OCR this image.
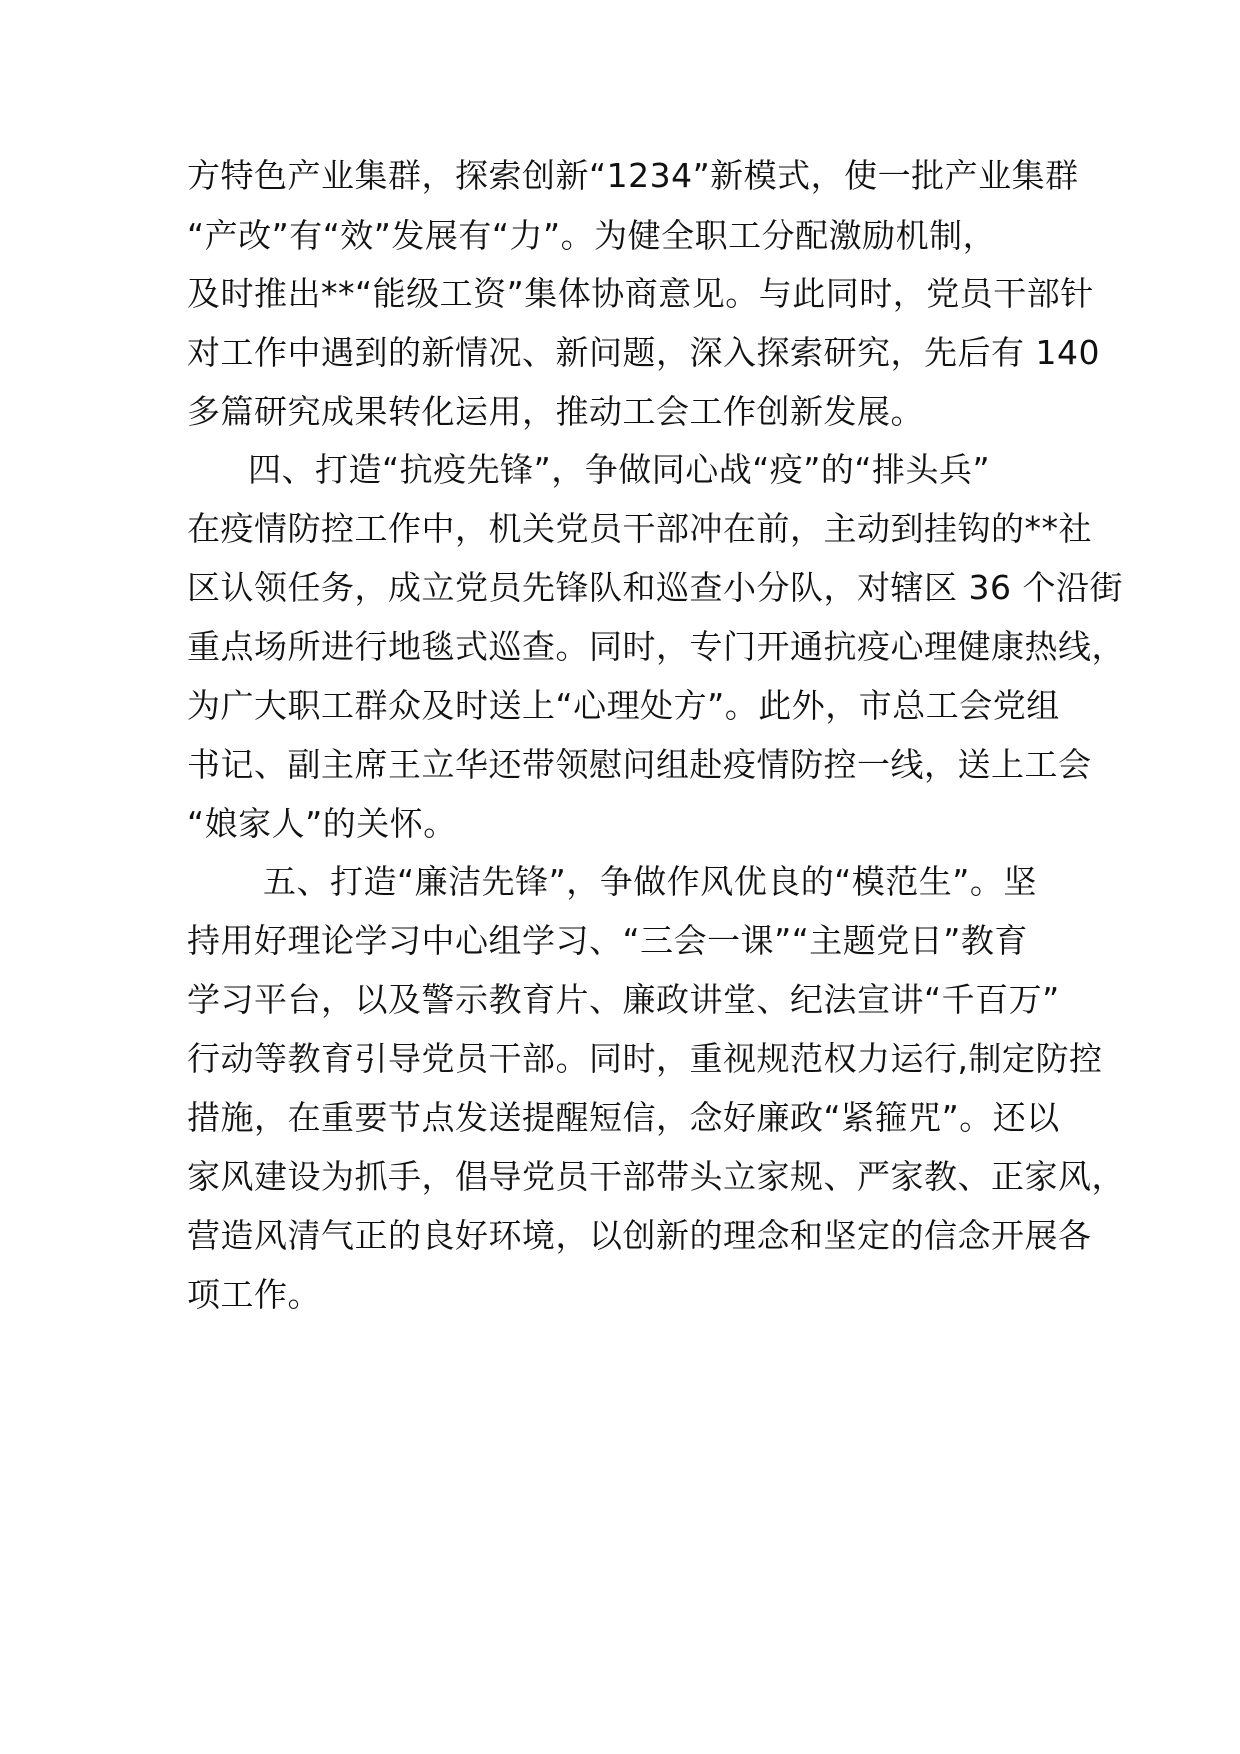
方特色产业集群，探索创新“1234”新模式，使一批产业集群
“产改”有“效”发展有“力”。为健全职工分配激励机制，
及时推出**“能级工资”集体协商意见。与此同时，党员干部针
对工作中遇到的新情况、新问题，深入探索研究，先后有 140
多篇研究成果转化运用，推动工会工作创新发展。
四、打造“抗疫先锋”，争做同心战“疫”的“排头兵”
在疫情防控工作中，机关党员干部冲在前，主动到挂钩的**社
区认领任务，成立党员先锋队和巡查小分队，对辖区 36 个沿街
重点场所进行地毯式巡查。同时，专门开通抗疫心理健康热线，
为广大职工群众及时送上“心理处方”。此外，市总工会党组
书记、副主席王立华还带领慰问组赴疫情防控一线，送上工会
“娘家人”的关怀。
五、打造“廉洁先锋”，争做作风优良的“模范生”。坚
持用好理论学习中心组学习、“三会一课”“主题党日”教育
学习平台，以及警示教育片、廉政讲堂、纪法宣讲“千百万”
行动等教育引导党员干部。同时，重视规范权力运行,制定防控
措施，在重要节点发送提醒短信，念好廉政“紧箍咒”。还以
家风建设为抓手，倡导党员干部带头立家规、严家教、正家风，
营造风清气正的良好环境，以创新的理念和坚定的信念开展各
项工作。
